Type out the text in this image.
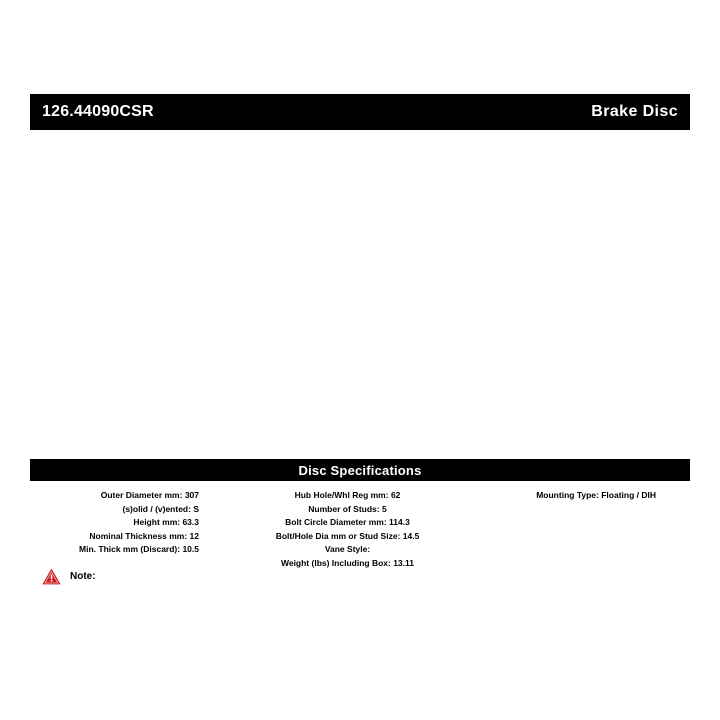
126.44090CSR	Brake Disc
Disc Specifications
Outer Diameter mm: 307
(s)olid / (v)ented: S
Height mm: 63.3
Nominal Thickness mm: 12
Min. Thick mm (Discard): 10.5
Hub Hole/Whl Reg mm: 62
Number of Studs: 5
Bolt Circle Diameter mm: 114.3
Bolt/Hole Dia mm or Stud Size: 14.5
Vane Style:
Weight (lbs) Including Box: 13.11
Mounting Type: Floating / DIH
Note:
